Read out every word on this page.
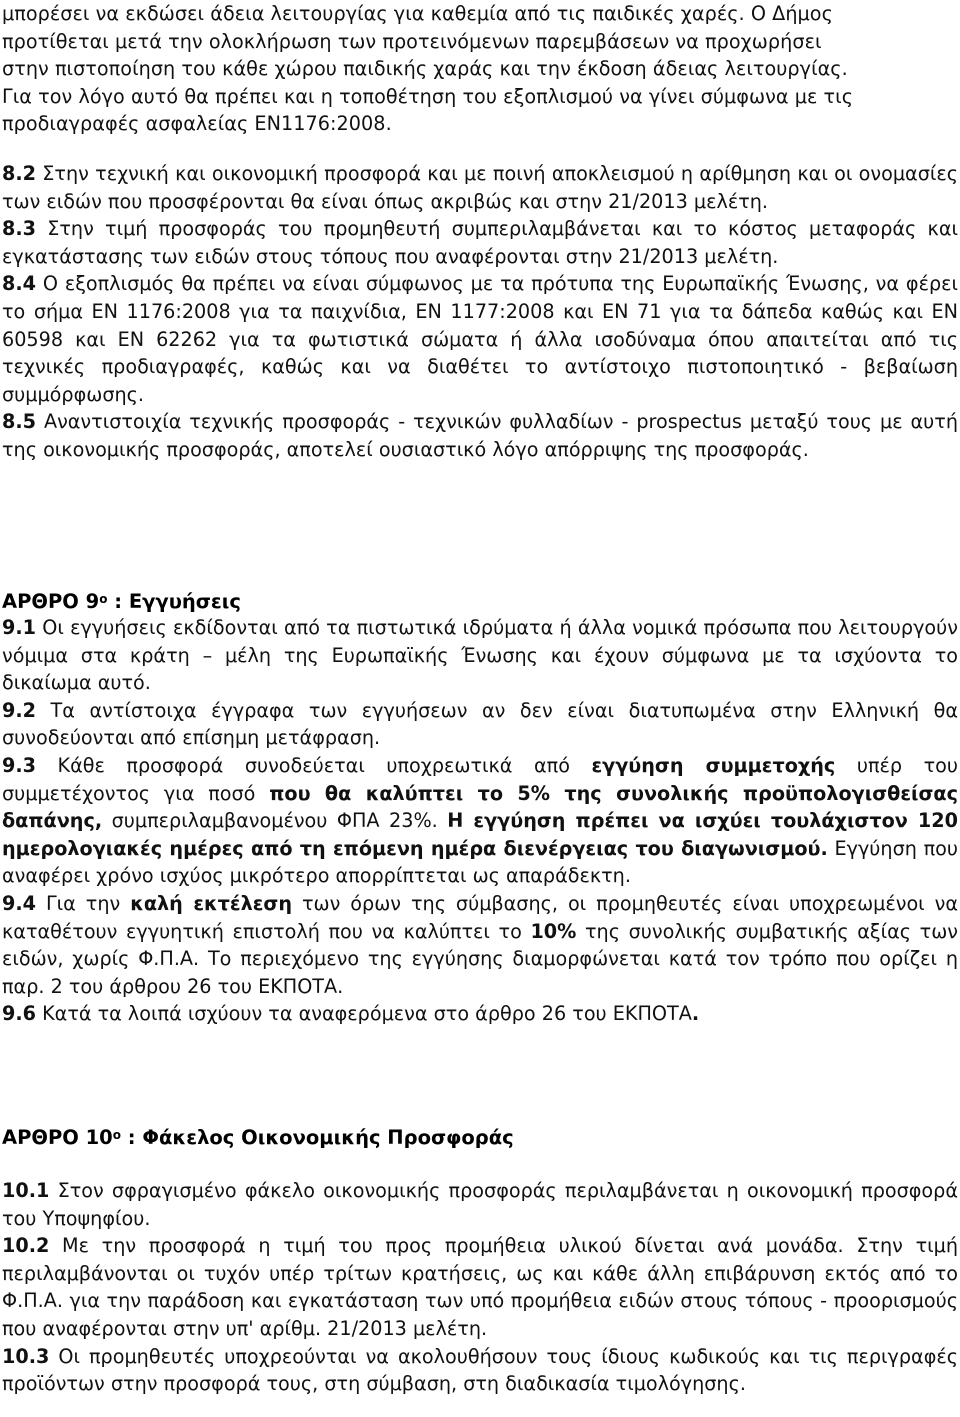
μπορέσει να εκδώσει άδεια λειτουργίας για καθεμία από τις παιδικές χαρές. Ο Δήμος

προτίθεται μετά την ολοκλήρωση των προτεινόμενων παρεμβάσεων να προχωρήσει

στην πιστοποίηση του κάθε χώρου παιδικής χαράς και την έκδοση άδειας λειτουργίας.

Για τον λόγο αυτό θα πρέπει και η τοποθέτηση του εξοπλισμού να γίνει σύμφωνα με τις

προδιαγραφές ασφαλείας ΕΝ1176:2008.

8.2 Στην τεχνική και οικονομική προσφορά και με ποινή αποκλεισμού η αρίθμηση και οι ονομασίες των ειδών που προσφέρονται θα είναι όπως ακριβώς και στην 21/2013 μελέτη.

8.3 Στην τιμή προσφοράς του προμηθευτή συμπεριλαμβάνεται και το κόστος μεταφοράς και εγκατάστασης των ειδών στους τόπους που αναφέρονται στην 21/2013 μελέτη.

8.4 Ο εξοπλισμός θα πρέπει να είναι σύμφωνος με τα πρότυπα της Ευρωπαϊκής Ένωσης, να φέρει το σήμα ΕΝ 1176:2008 για τα παιχνίδια, ΕΝ 1177:2008 και ΕΝ 71 για τα δάπεδα καθώς και ΕΝ 60598 και ΕΝ 62262 για τα φωτιστικά σώματα ή άλλα ισοδύναμα όπου απαιτείται από τις τεχνικές προδιαγραφές, καθώς και να διαθέτει το αντίστοιχο πιστοποιητικό - βεβαίωση συμμόρφωσης.

8.5 Αναντιστοιχία τεχνικής προσφοράς - τεχνικών φυλλαδίων - prospectus μεταξύ τους με αυτή της οικονομικής προσφοράς, αποτελεί ουσιαστικό λόγο απόρριψης της προσφοράς.

ΑΡΘΡΟ $9^o$ : Εγγυήσεις

9.1 Οι εγγυήσεις εκδίδονται από τα πιστωτικά ιδρύματα ή άλλα νομικά πρόσωπα που λειτουργούν νόμιμα στα κράτη – μέλη της Ευρωπαϊκής Ένωσης και έχουν σύμφωνα με τα ισχύοντα το δικαίωμα αυτό.

9.2 Τα αντίστοιχα έγγραφα των εγγυήσεων αν δεν είναι διατυπωμένα στην Ελληνική θα συνοδεύονται από επίσημη μετάφραση.

9.3 Κάθε προσφορά συνοδεύεται υποχρεωτικά από εγγύηση συμμετοχής υπέρ του συμμετέχοντος για ποσό που θα καλύπτει το 5% της συνολικής προϋπολογισθείσας δαπάνης, συμπεριλαμβανομένου ΦΠΑ 23%. Η εγγύηση πρέπει να ισχύει τουλάχιστον 120 ημερολογιακές ημέρες από τη επόμενη ημέρα διενέργειας του διαγωνισμού. Εγγύηση που αναφέρει χρόνο ισχύος μικρότερο απορρίπτεται ως απαράδεκτη.

9.4 Για την καλή εκτέλεση των όρων της σύμβασης, οι προμηθευτές είναι υποχρεωμένοι να καταθέτουν εγγυητική επιστολή που να καλύπτει το 10% της συνολικής συμβατικής αξίας των ειδών, χωρίς Φ.Π.Α. Το περιεχόμενο της εγγύησης διαμορφώνεται κατά τον τρόπο που ορίζει η παρ. 2 του άρθρου 26 του ΕΚΠΟΤΑ.

9.6 Κατά τα λοιπά ισχύουν τα αναφερόμενα στο άρθρο 26 του ΕΚΠΟΤΑ.

ΑΡΘΡΟ $10^o$ : Φάκελος Οικονομικής Προσφοράς

10.1 Στον σφραγισμένο φάκελο οικονομικής προσφοράς περιλαμβάνεται η οικονομική προσφορά του Υποψηφίου.

10.2 Με την προσφορά η τιμή του προς προμήθεια υλικού δίνεται ανά μονάδα. Στην τιμή περιλαμβάνονται οι τυχόν υπέρ τρίτων κρατήσεις, ως και κάθε άλλη επιβάρυνση εκτός από το Φ.Π.Α. για την παράδοση και εγκατάσταση των υπό προμήθεια ειδών στους τόπους - προορισμούς που αναφέρονται στην υπ' αρίθμ. 21/2013 μελέτη.

10.3 Οι προμηθευτές υποχρεούνται να ακολουθήσουν τους ίδιους κωδικούς και τις περιγραφές προϊόντων στην προσφορά τους, στη σύμβαση, στη διαδικασία τιμολόγησης.
